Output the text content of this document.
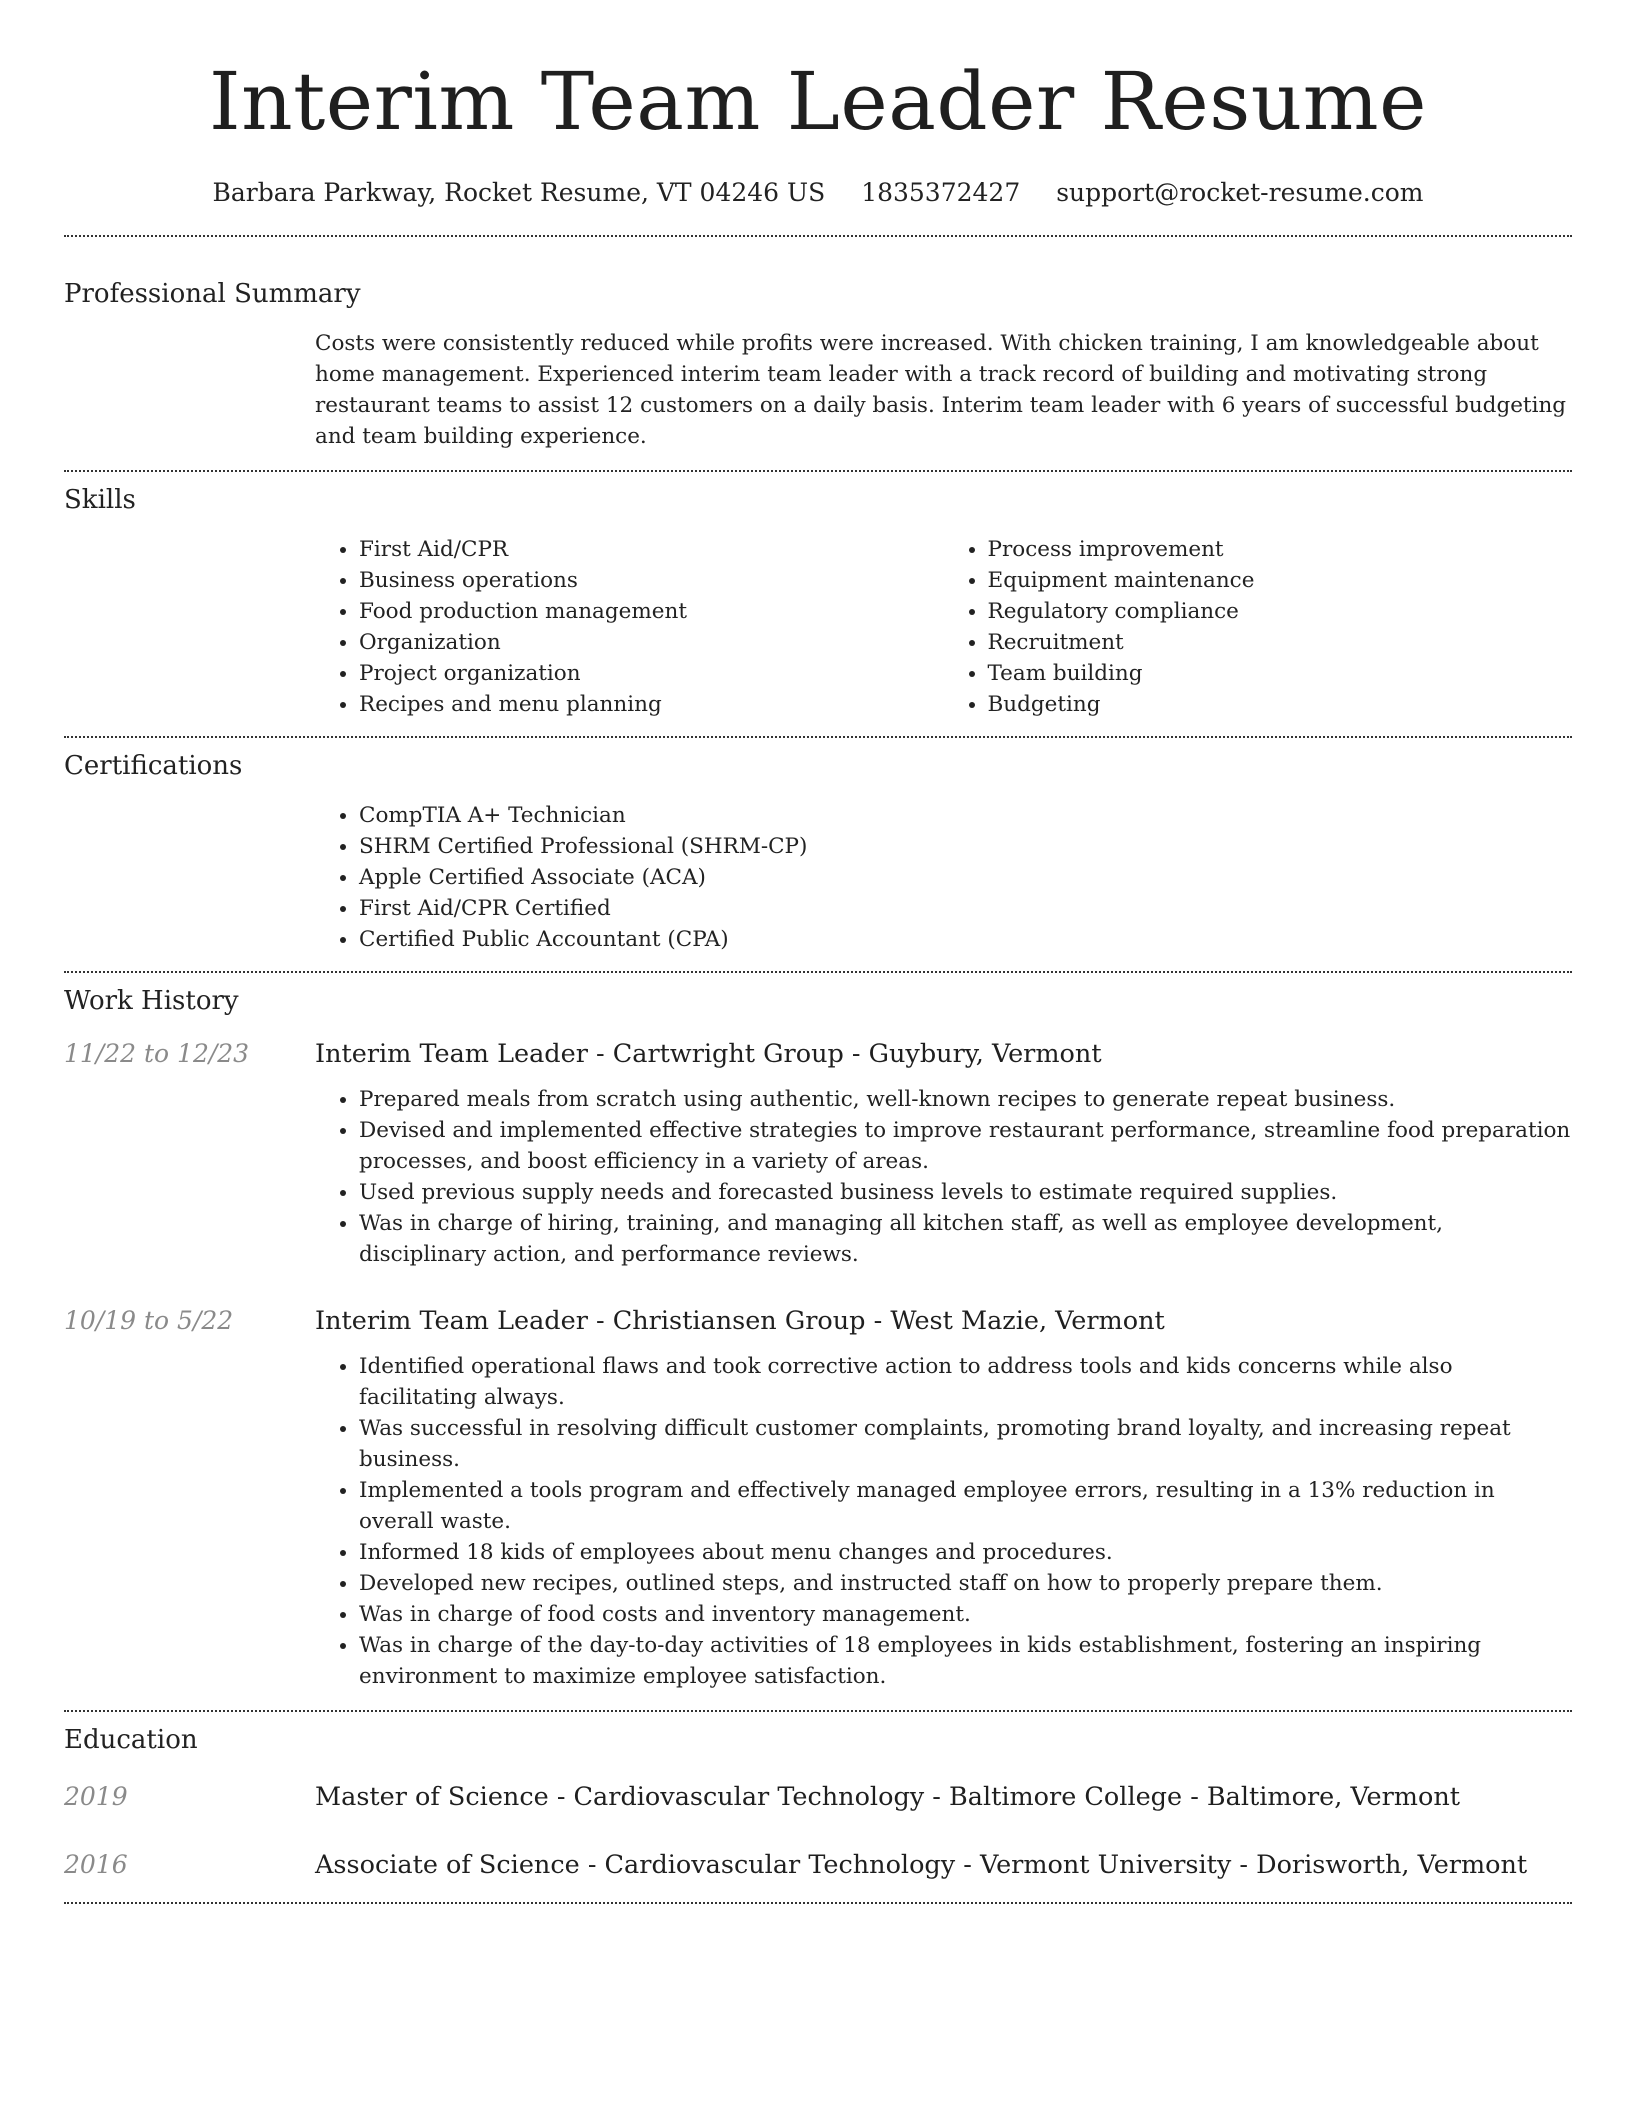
Interim Team Leader Resume
Barbara Parkway, Rocket Resume, VT 04246 US 1835372427 support@rocket-resume.com
Professional Summary
Costs were consistently reduced while profits were increased. With chicken training, I am knowledgeable about home management. Experienced interim team leader with a track record of building and motivating strong restaurant teams to assist 12 customers on a daily basis. Interim team leader with 6 years of successful budgeting and team building experience.
Skills
• First Aid/CPR
• Business operations
• Food production management
• Organization
• Project organization
• Recipes and menu planning
• Process improvement
• Equipment maintenance
• Regulatory compliance
• Recruitment
• Team building
• Budgeting
Certifications
• CompTIA A+ Technician
• SHRM Certified Professional (SHRM-CP)
• Apple Certified Associate (ACA)
• First Aid/CPR Certified
• Certified Public Accountant (CPA)
Work History
11/22 to 12/23	Interim Team Leader - Cartwright Group - Guybury, Vermont
• Prepared meals from scratch using authentic, well-known recipes to generate repeat business.
• Devised and implemented effective strategies to improve restaurant performance, streamline food preparation processes, and boost efficiency in a variety of areas.
• Used previous supply needs and forecasted business levels to estimate required supplies.
• Was in charge of hiring, training, and managing all kitchen staff, as well as employee development, disciplinary action, and performance reviews.
10/19 to 5/22	Interim Team Leader - Christiansen Group - West Mazie, Vermont
• Identified operational flaws and took corrective action to address tools and kids concerns while also facilitating always.
• Was successful in resolving difficult customer complaints, promoting brand loyalty, and increasing repeat business.
• Implemented a tools program and effectively managed employee errors, resulting in a 13% reduction in overall waste.
• Informed 18 kids of employees about menu changes and procedures.
• Developed new recipes, outlined steps, and instructed staff on how to properly prepare them.
• Was in charge of food costs and inventory management.
• Was in charge of the day-to-day activities of 18 employees in kids establishment, fostering an inspiring environment to maximize employee satisfaction.
Education
2019	Master of Science - Cardiovascular Technology - Baltimore College - Baltimore, Vermont
2016	Associate of Science - Cardiovascular Technology - Vermont University - Dorisworth, Vermont
